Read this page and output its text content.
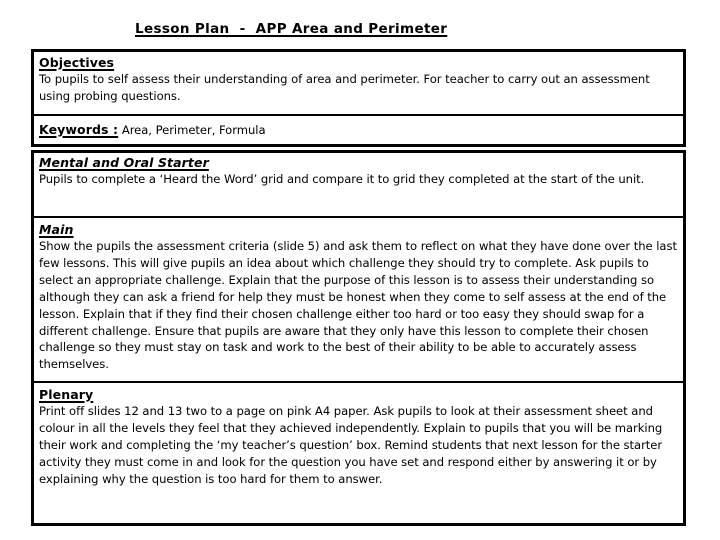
Lesson Plan  -  APP Area and Perimeter
Objectives
To pupils to self assess their understanding of area and perimeter. For teacher to carry out an assessment using probing questions.
Keywords : Area, Perimeter, Formula
Mental and Oral Starter
Pupils to complete a ‘Heard the Word’ grid and compare it to grid they completed at the start of the unit.
Main
Show the pupils the assessment criteria (slide 5) and ask them to reflect on what they have done over the last few lessons. This will give pupils an idea about which challenge they should try to complete. Ask pupils to select an appropriate challenge. Explain that the purpose of this lesson is to assess their understanding so although they can ask a friend for help they must be honest when they come to self assess at the end of the lesson. Explain that if they find their chosen challenge either too hard or too easy they should swap for a different challenge. Ensure that pupils are aware that they only have this lesson to complete their chosen challenge so they must stay on task and work to the best of their ability to be able to accurately assess themselves.
Plenary
Print off slides 12 and 13 two to a page on pink A4 paper. Ask pupils to look at their assessment sheet and colour in all the levels they feel that they achieved independently. Explain to pupils that you will be marking their work and completing the ‘my teacher’s question’ box. Remind students that next lesson for the starter activity they must come in and look for the question you have set and respond either by answering it or by explaining why the question is too hard for them to answer.
